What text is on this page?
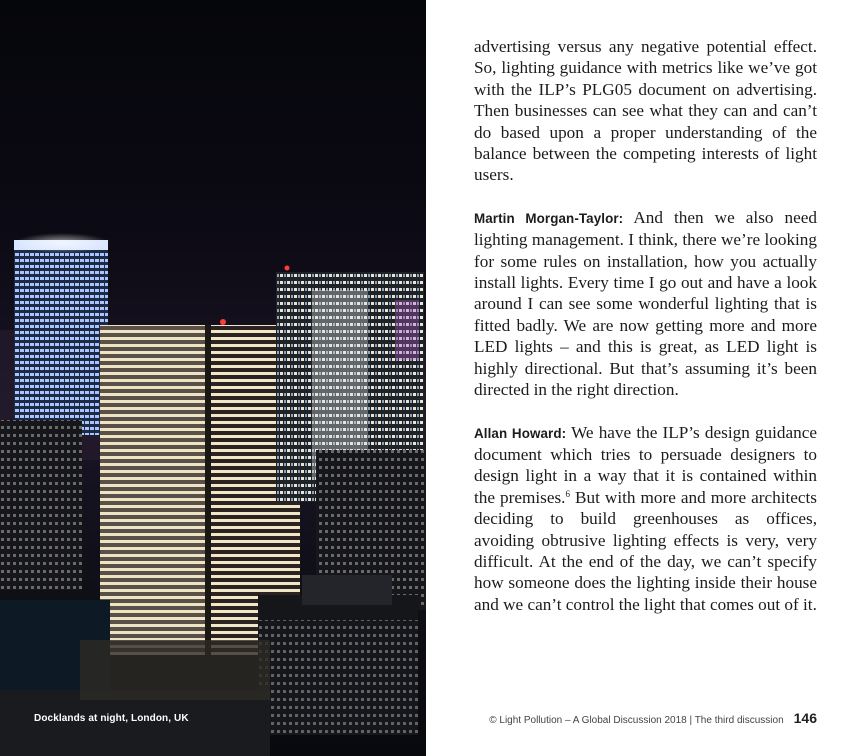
Docklands at night, London, UK

advertising versus any negative potential effect. So, lighting guidance with metrics like we’ve got with the ILP’s PLG05 document on advertising. Then businesses can see what they can and can’t do based upon a proper understanding of the balance between the competing interests of light users.

Martin Morgan-Taylor: And then we also need lighting management. I think, there we’re looking for some rules on installation, how you actually install lights. Every time I go out and have a look around I can see some wonderful lighting that is fitted badly. We are now getting more and more LED lights – and this is great, as LED light is highly directional. But that’s assuming it’s been directed in the right direction.

Allan Howard: We have the ILP’s design guidance document which tries to persuade designers to design light in a way that it is contained within the premises.$^6$ But with more and more architects deciding to build greenhouses as offices, avoiding obtrusive lighting effects is very, very difficult. At the end of the day, we can’t specify how someone does the lighting inside their house and we can’t control the light that comes out of it.

© Light Pollution – A Global Discussion 2018 | The third discussion 146
